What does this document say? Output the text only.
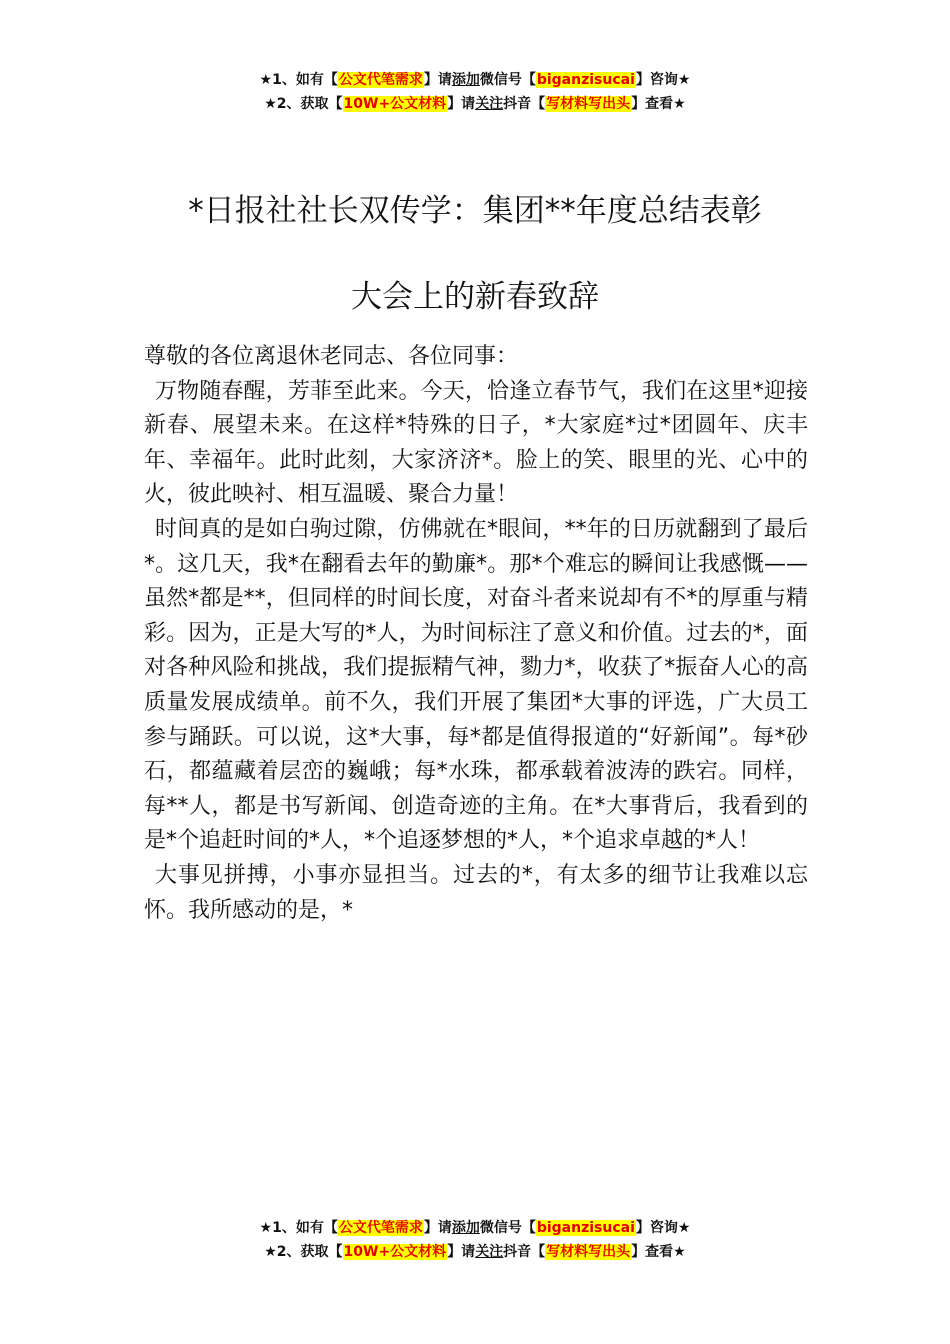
★1、如有【公文代笔需求】请添加微信号【biganzisucai】咨询★
★2、获取【10W+公文材料】请关注抖音【写材料写出头】查看★
*日报社社长双传学：集团**年度总结表彰
大会上的新春致辞

尊敬的各位离退休老同志、各位同事：

万物随春醒，芳菲至此来。今天，恰逢立春节气，我们在这里*迎接新春、展望未来。在这样*特殊的日子，*大家庭*过*团圆年、庆丰年、幸福年。此时此刻，大家济济*。脸上的笑、眼里的光、心中的火，彼此映衬、相互温暖、聚合力量！

时间真的是如白驹过隙，仿佛就在*眼间，**年的日历就翻到了最后*。这几天，我*在翻看去年的勤廉*。那*个难忘的瞬间让我感慨——虽然*都是**，但同样的时间长度，对奋斗者来说却有不*的厚重与精彩。因为，正是大写的*人，为时间标注了意义和价值。过去的*，面对各种风险和挑战，我们提振精气神，勠力*，收获了*振奋人心的高质量发展成绩单。前不久，我们开展了集团*大事的评选，广大员工参与踊跃。可以说，这*大事，每*都是值得报道的“好新闻”。每*砂石，都蕴藏着层峦的巍峨；每*水珠，都承载着波涛的跌宕。同样，每**人，都是书写新闻、创造奇迹的主角。在*大事背后，我看到的是*个追赶时间的*人，*个追逐梦想的*人，*个追求卓越的*人！

大事见拼搏，小事亦显担当。过去的*，有太多的细节让我难以忘怀。我所感动的是，*

★1、如有【公文代笔需求】请添加微信号【biganzisucai】咨询★
★2、获取【10W+公文材料】请关注抖音【写材料写出头】查看★
